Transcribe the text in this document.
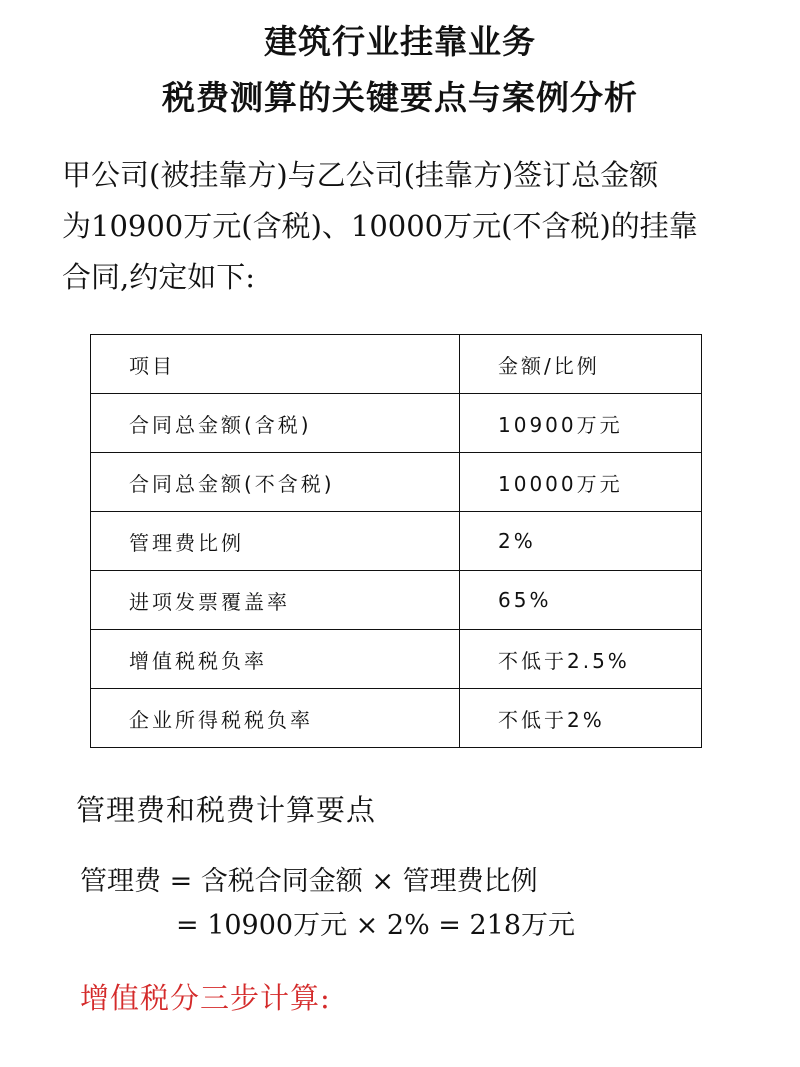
建筑行业挂靠业务
税费测算的关键要点与案例分析
甲公司(被挂靠方)与乙公司(挂靠方)签订总金额
为10900万元(含税)、10000万元(不含税)的挂靠
合同,约定如下:
项目	金额/比例
合同总金额(含税)	10900万元
合同总金额(不含税)	10000万元
管理费比例	2%
进项发票覆盖率	65%
增值税税负率	不低于2.5%
企业所得税税负率	不低于2%
管理费和税费计算要点
管理费 = 含税合同金额 × 管理费比例
= 10900万元 × 2% = 218万元
增值税分三步计算:
